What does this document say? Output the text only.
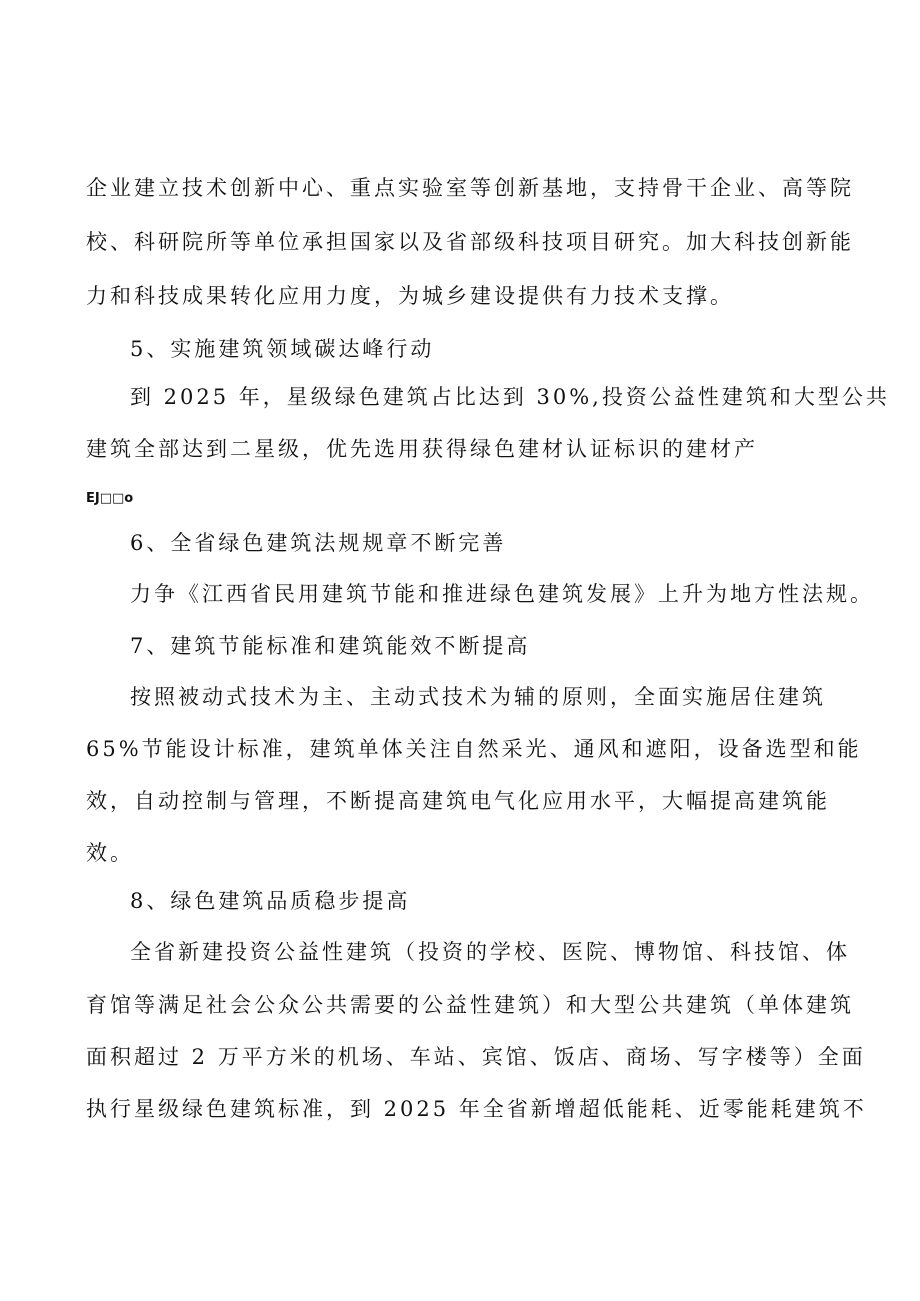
企业建立技术创新中心、重点实验室等创新基地，支持骨干企业、高等院
校、科研院所等单位承担国家以及省部级科技项目研究。加大科技创新能
力和科技成果转化应用力度，为城乡建设提供有力技术支撑。
5、实施建筑领域碳达峰行动
到 2025 年，星级绿色建筑占比达到 30%,投资公益性建筑和大型公共
建筑全部达到二星级，优先选用获得绿色建材认证标识的建材产
EJ□□o
6、全省绿色建筑法规规章不断完善
力争《江西省民用建筑节能和推进绿色建筑发展》上升为地方性法规。
7、建筑节能标准和建筑能效不断提高
按照被动式技术为主、主动式技术为辅的原则，全面实施居住建筑
65%节能设计标准，建筑单体关注自然采光、通风和遮阳，设备选型和能
效，自动控制与管理，不断提高建筑电气化应用水平，大幅提高建筑能
效。
8、绿色建筑品质稳步提高
全省新建投资公益性建筑（投资的学校、医院、博物馆、科技馆、体
育馆等满足社会公众公共需要的公益性建筑）和大型公共建筑（单体建筑
面积超过 2 万平方米的机场、车站、宾馆、饭店、商场、写字楼等）全面
执行星级绿色建筑标准，到 2025 年全省新增超低能耗、近零能耗建筑不
